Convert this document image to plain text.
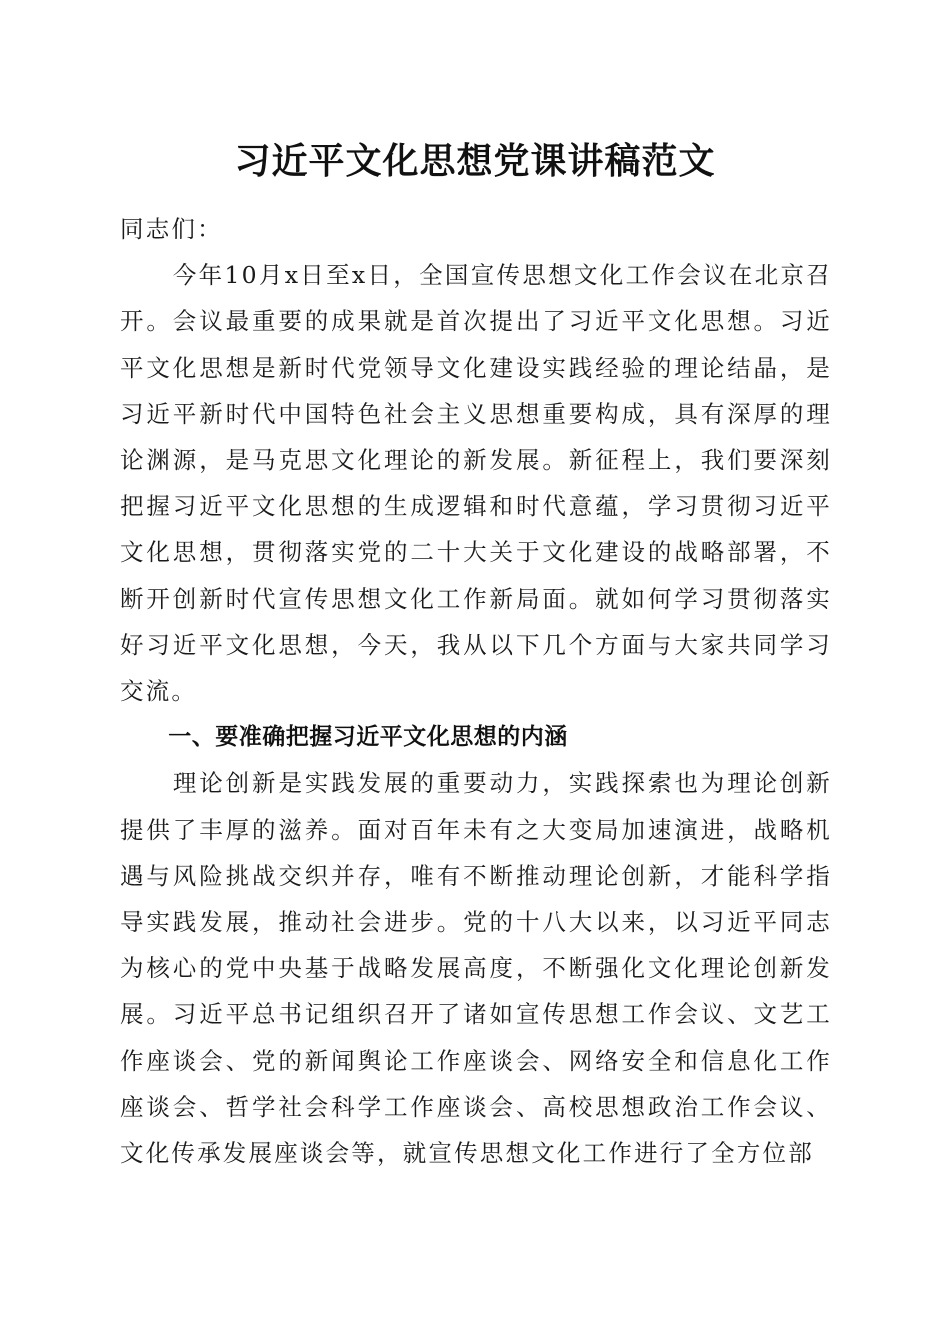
习近平文化思想党课讲稿范文

同志们：

今年10月x日至x日，全国宣传思想文化工作会议在北京召开。会议最重要的成果就是首次提出了习近平文化思想。习近平文化思想是新时代党领导文化建设实践经验的理论结晶，是习近平新时代中国特色社会主义思想重要构成，具有深厚的理论渊源，是马克思文化理论的新发展。新征程上，我们要深刻把握习近平文化思想的生成逻辑和时代意蕴，学习贯彻习近平文化思想，贯彻落实党的二十大关于文化建设的战略部署，不断开创新时代宣传思想文化工作新局面。就如何学习贯彻落实好习近平文化思想，今天，我从以下几个方面与大家共同学习交流。

一、要准确把握习近平文化思想的内涵

理论创新是实践发展的重要动力，实践探索也为理论创新提供了丰厚的滋养。面对百年未有之大变局加速演进，战略机遇与风险挑战交织并存，唯有不断推动理论创新，才能科学指导实践发展，推动社会进步。党的十八大以来，以习近平同志为核心的党中央基于战略发展高度，不断强化文化理论创新发展。习近平总书记组织召开了诸如宣传思想工作会议、文艺工作座谈会、党的新闻舆论工作座谈会、网络安全和信息化工作座谈会、哲学社会科学工作座谈会、高校思想政治工作会议、文化传承发展座谈会等，就宣传思想文化工作进行了全方位部
